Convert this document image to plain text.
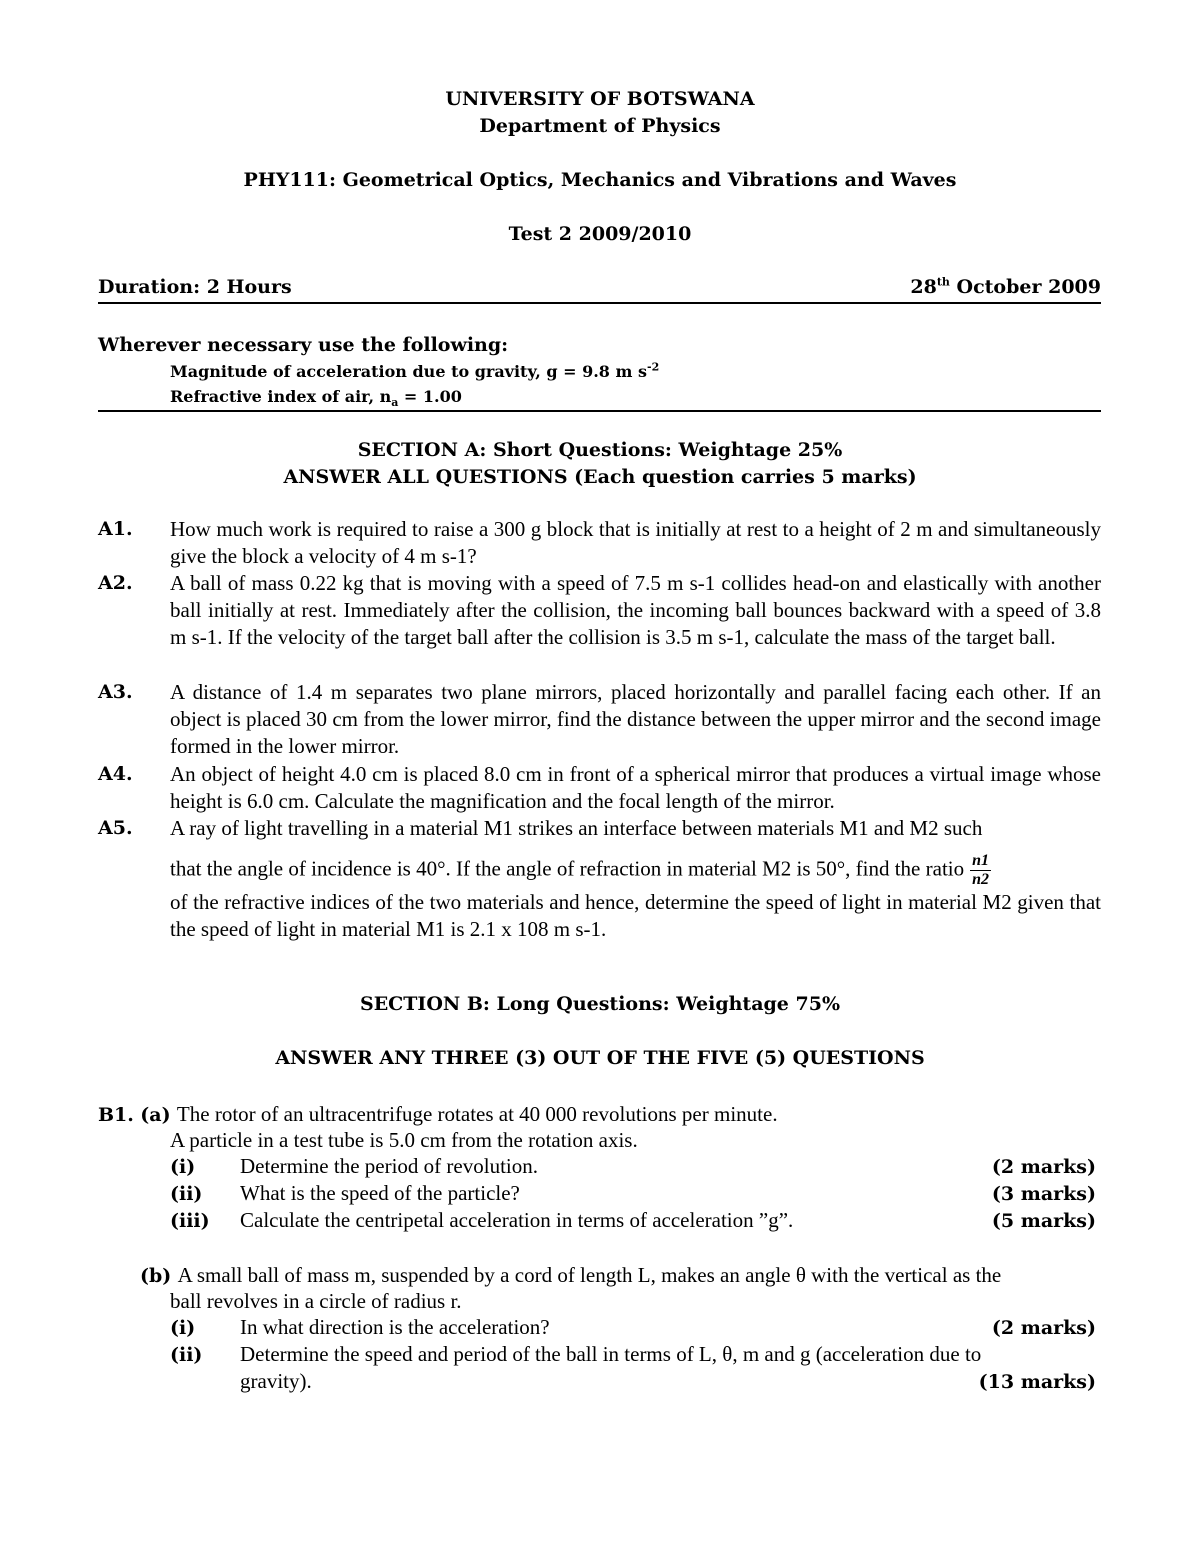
UNIVERSITY OF BOTSWANA
Department of Physics
PHY111: Geometrical Optics, Mechanics and Vibrations and Waves
Test 2 2009/2010
Duration: 2 Hours	28th October 2009
Wherever necessary use the following:
Magnitude of acceleration due to gravity, g = 9.8 m $s^{-2}$
Refractive index of air, $n_a = 1.00$
SECTION A: Short Questions: Weightage 25%
ANSWER ALL QUESTIONS (Each question carries 5 marks)
A1. How much work is required to raise a 300 g block that is initially at rest to a height of 2 m and simultaneously give the block a velocity of 4 m s-1?
A2. A ball of mass 0.22 kg that is moving with a speed of 7.5 m s-1 collides head-on and elastically with another ball initially at rest. Immediately after the collision, the incoming ball bounces backward with a speed of 3.8 m s-1. If the velocity of the target ball after the collision is 3.5 m s-1, calculate the mass of the target ball.
A3. A distance of 1.4 m separates two plane mirrors, placed horizontally and parallel facing each other. If an object is placed 30 cm from the lower mirror, find the distance between the upper mirror and the second image formed in the lower mirror.
A4. An object of height 4.0 cm is placed 8.0 cm in front of a spherical mirror that produces a virtual image whose height is 6.0 cm. Calculate the magnification and the focal length of the mirror.
A5. A ray of light travelling in a material M1 strikes an interface between materials M1 and M2 such
that the angle of incidence is 40°. If the angle of refraction in material M2 is 50°, find the ratio $\frac{n1}{n2}$
of the refractive indices of the two materials and hence, determine the speed of light in material M2 given that the speed of light in material M1 is 2.1 x 108 m s-1.
SECTION B: Long Questions: Weightage 75%
ANSWER ANY THREE (3) OUT OF THE FIVE (5) QUESTIONS
B1. (a) The rotor of an ultracentrifuge rotates at 40 000 revolutions per minute.
A particle in a test tube is 5.0 cm from the rotation axis.
(i) Determine the period of revolution.	(2 marks)
(ii) What is the speed of the particle?	(3 marks)
(iii) Calculate the centripetal acceleration in terms of acceleration ”g”.	(5 marks)
(b) A small ball of mass m, suspended by a cord of length L, makes an angle θ with the vertical as the
ball revolves in a circle of radius r.
(i) In what direction is the acceleration?	(2 marks)
(ii) Determine the speed and period of the ball in terms of L, θ, m and g (acceleration due to
gravity).	(13 marks)
